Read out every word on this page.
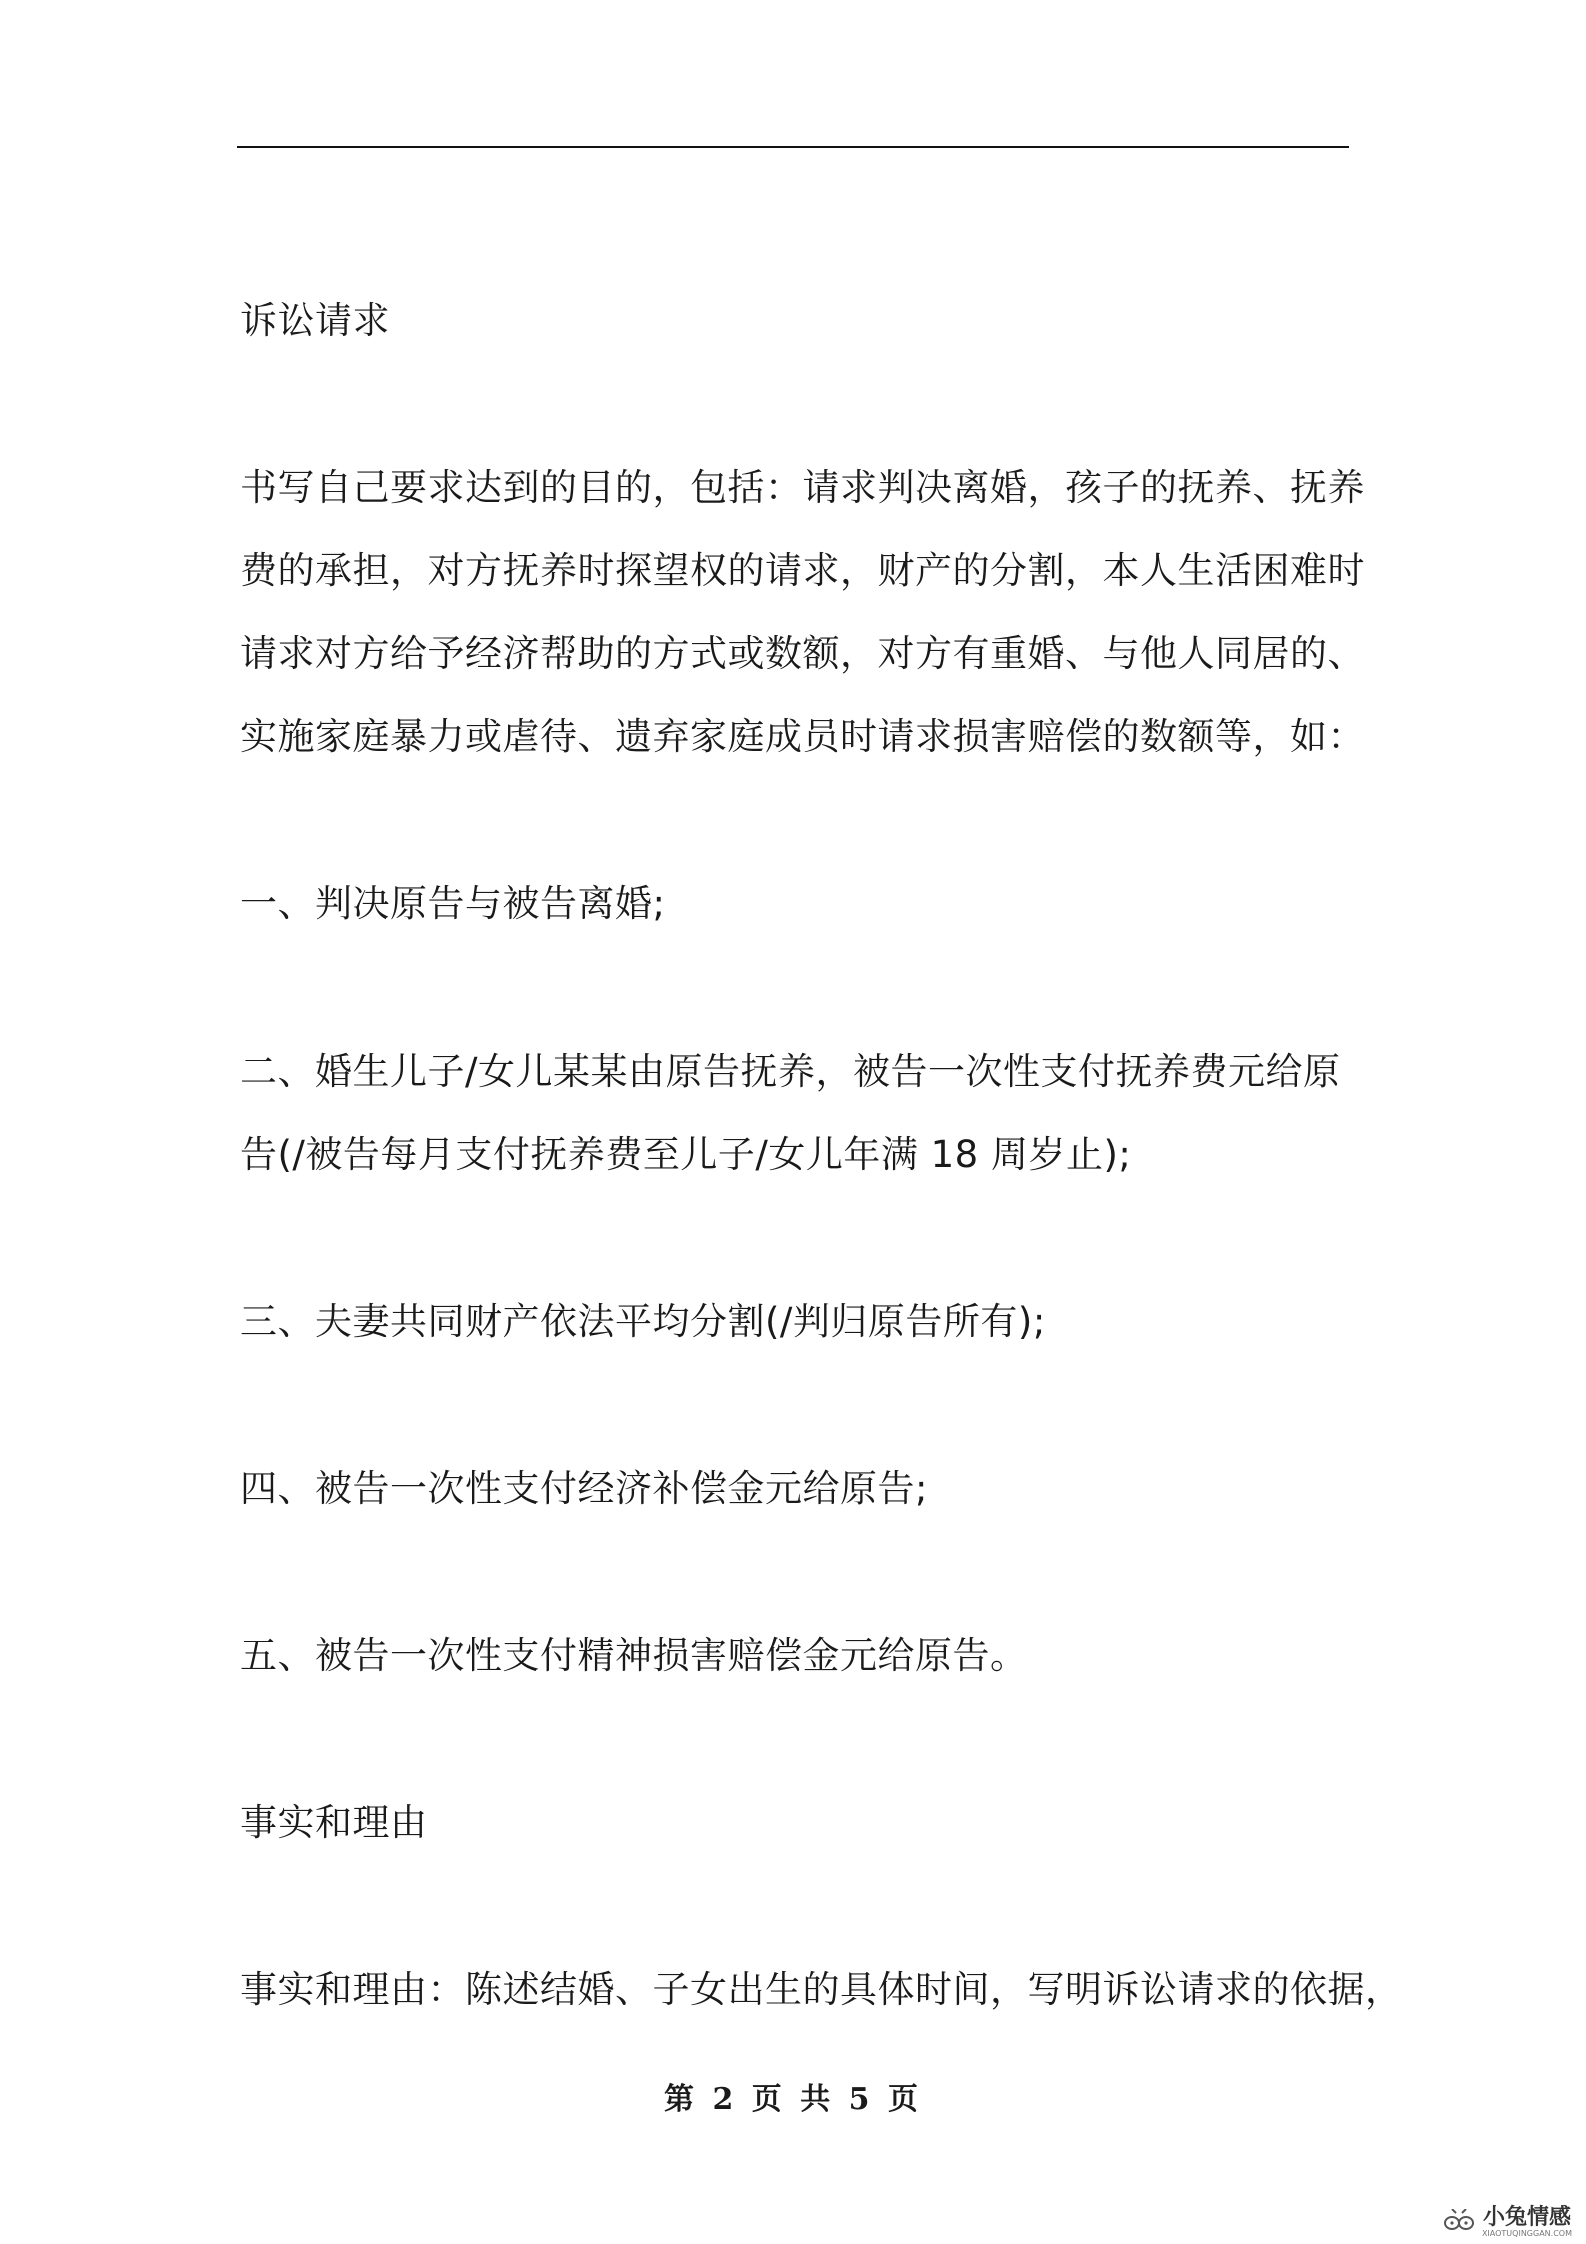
诉讼请求
书写自己要求达到的目的，包括：请求判决离婚，孩子的抚养、抚养
费的承担，对方抚养时探望权的请求，财产的分割，本人生活困难时
请求对方给予经济帮助的方式或数额，对方有重婚、与他人同居的、
实施家庭暴力或虐待、遗弃家庭成员时请求损害赔偿的数额等，如：
一、判决原告与被告离婚;
二、婚生儿子/女儿某某由原告抚养，被告一次性支付抚养费元给原
告(/被告每月支付抚养费至儿子/女儿年满 18 周岁止);
三、夫妻共同财产依法平均分割(/判归原告所有);
四、被告一次性支付经济补偿金元给原告;
五、被告一次性支付精神损害赔偿金元给原告。
事实和理由
事实和理由：陈述结婚、子女出生的具体时间，写明诉讼请求的依据，
第 2 页 共 5 页
小兔情感
XIAOTUQINGGAN.COM
